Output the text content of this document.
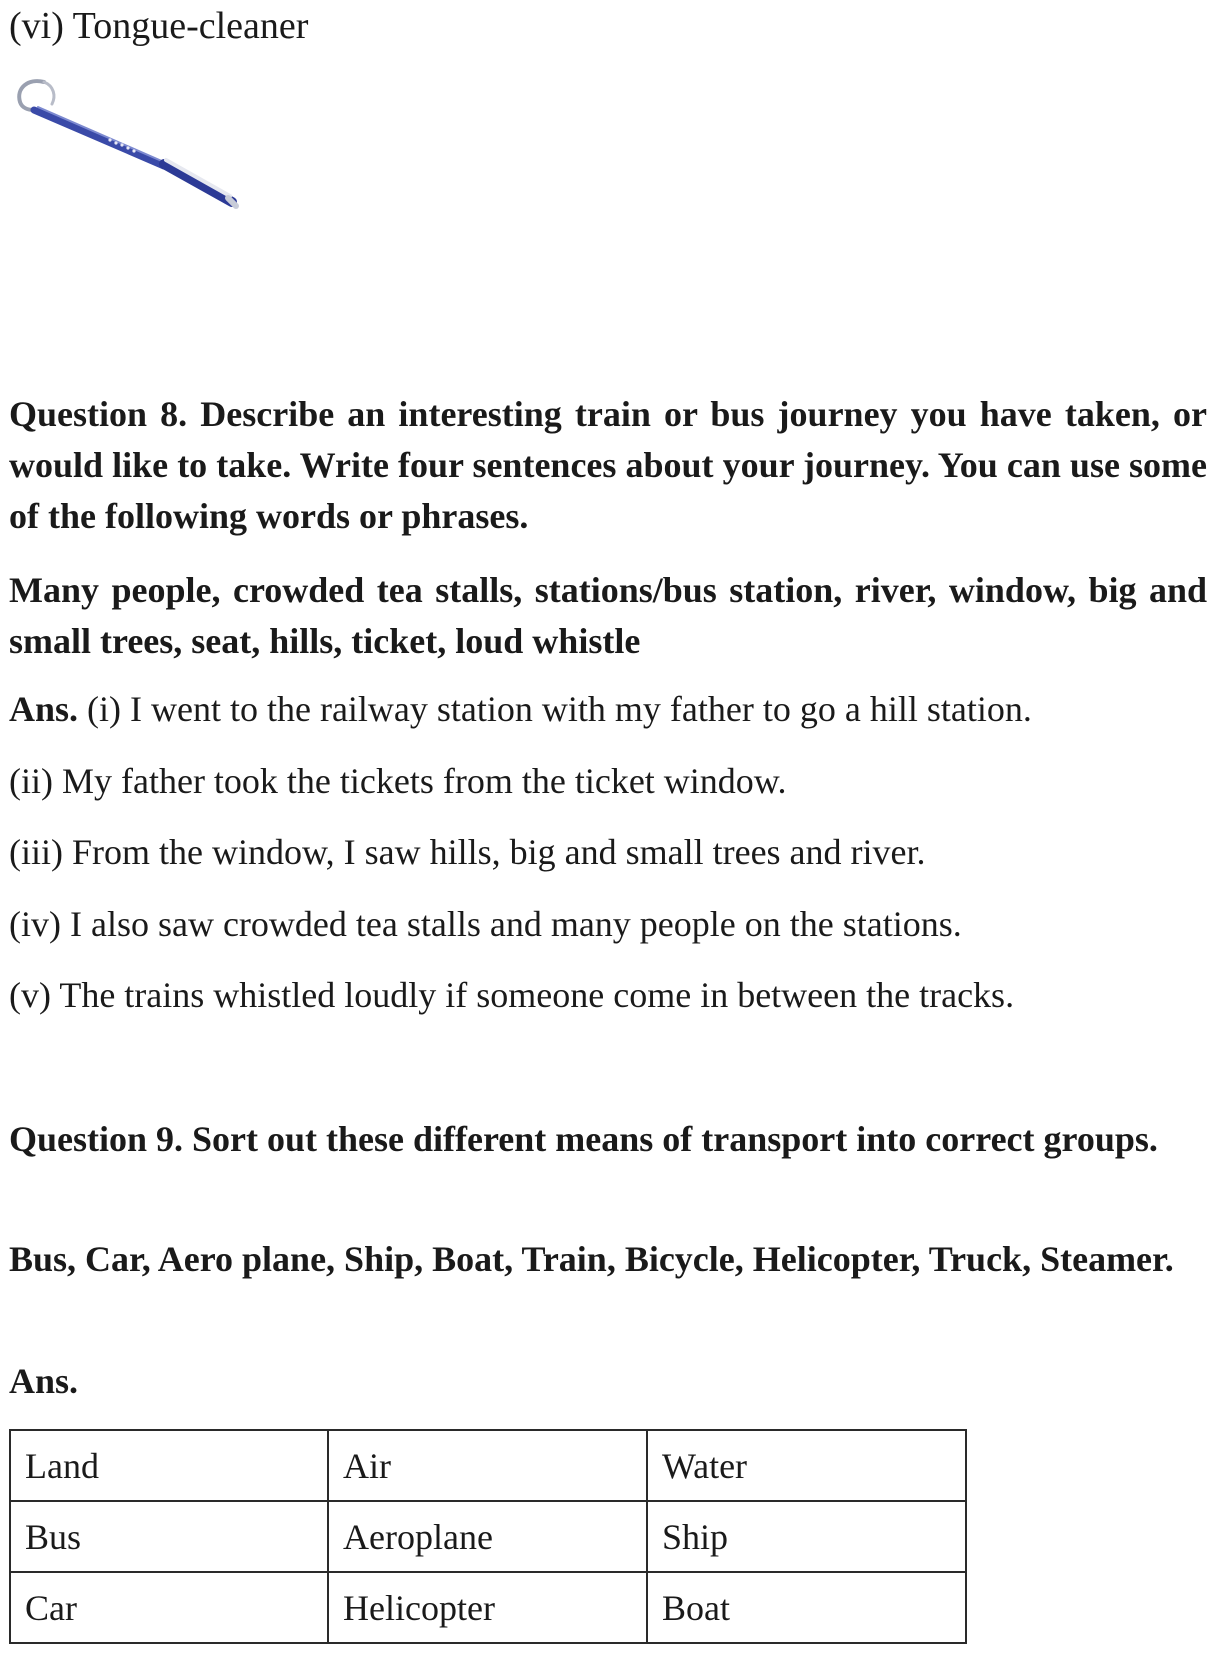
(vi) Tongue-cleaner
Question 8. Describe an interesting train or bus journey you have taken, or would like to take. Write four sentences about your journey. You can use some of the following words or phrases.
Many people, crowded tea stalls, stations/bus station, river, window, big and small trees, seat, hills, ticket, loud whistle
Ans. (i) I went to the railway station with my father to go a hill station.
(ii) My father took the tickets from the ticket window.
(iii) From the window, I saw hills, big and small trees and river.
(iv) I also saw crowded tea stalls and many people on the stations.
(v) The trains whistled loudly if someone come in between the tracks.
Question 9. Sort out these different means of transport into correct groups.
Bus, Car, Aero plane, Ship, Boat, Train, Bicycle, Helicopter, Truck, Steamer.
Ans.
Land	Air	Water
Bus	Aeroplane	Ship
Car	Helicopter	Boat
